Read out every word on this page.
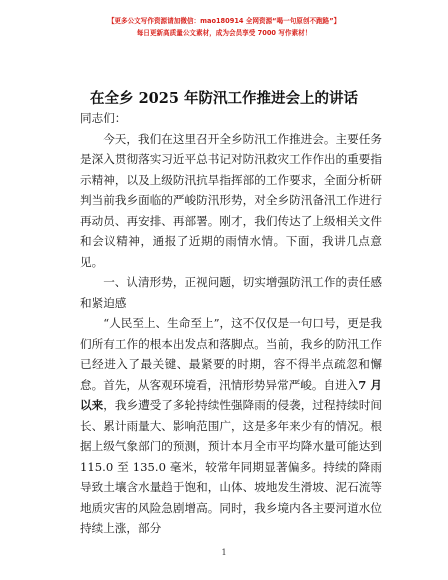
【更多公文写作资源请加微信：mao180914 全网资源“喝一句原创不跑路”】
每日更新高质量公文素材，成为会员享受 7000 写作素材！
在全乡 2025 年防汛工作推进会上的讲话

同志们：

今天，我们在这里召开全乡防汛工作推进会。主要任务是深入贯彻落实习近平总书记对防汛救灾工作作出的重要指示精神，以及上级防汛抗旱指挥部的工作要求，全面分析研判当前我乡面临的严峻防汛形势，对全乡防汛备汛工作进行再动员、再安排、再部署。刚才，我们传达了上级相关文件和会议精神，通报了近期的雨情水情。下面，我讲几点意见。

一、认清形势，正视问题，切实增强防汛工作的责任感和紧迫感

“人民至上、生命至上”，这不仅仅是一句口号，更是我们所有工作的根本出发点和落脚点。当前，我乡的防汛工作已经进入了最关键、最紧要的时期，容不得半点疏忽和懈怠。首先，从客观环境看，汛情形势异常严峻。自进入7 月以来，我乡遭受了多轮持续性强降雨的侵袭，过程持续时间长、累计雨量大、影响范围广，这是多年来少有的情况。根据上级气象部门的预测，预计本月全市平均降水量可能达到 115.0 至 135.0 毫米，较常年同期显著偏多。持续的降雨导致土壤含水量趋于饱和，山体、坡地发生滑坡、泥石流等地质灾害的风险急剧增高。同时，我乡境内各主要河道水位持续上涨，部分

1
